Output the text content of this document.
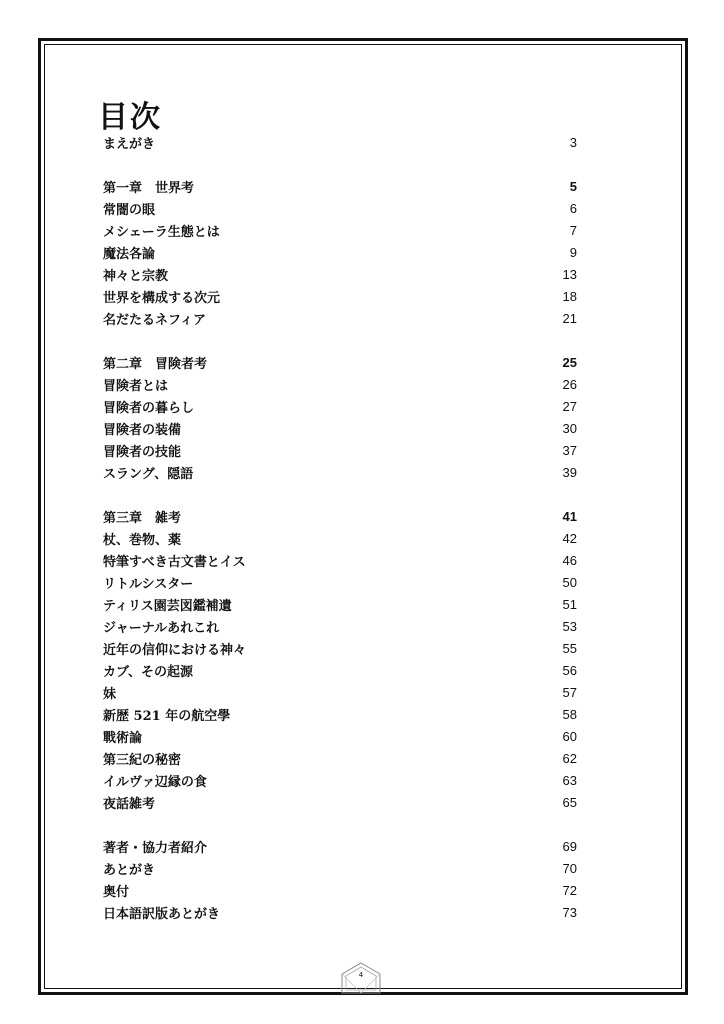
目次
まえがき	3
第一章　世界考	5
常闇の眼	6
メシェーラ生態とは	7
魔法各論	9
神々と宗教	13
世界を構成する次元	18
名だたるネフィア	21
第二章　冒険者考	25
冒険者とは	26
冒険者の暮らし	27
冒険者の装備	30
冒険者の技能	37
スラング、隠語	39
第三章　雑考	41
杖、巻物、薬	42
特筆すべき古文書とイス	46
リトルシスター	50
ティリス園芸図鑑補遺	51
ジャーナルあれこれ	53
近年の信仰における神々	55
カブ、その起源	56
妹	57
新歴 521 年の航空學	58
戰術論	60
第三紀の秘密	62
イルヴァ辺縁の食	63
夜話雑考	65
著者・協力者紹介	69
あとがき	70
奥付	72
日本語訳版あとがき	73
4
